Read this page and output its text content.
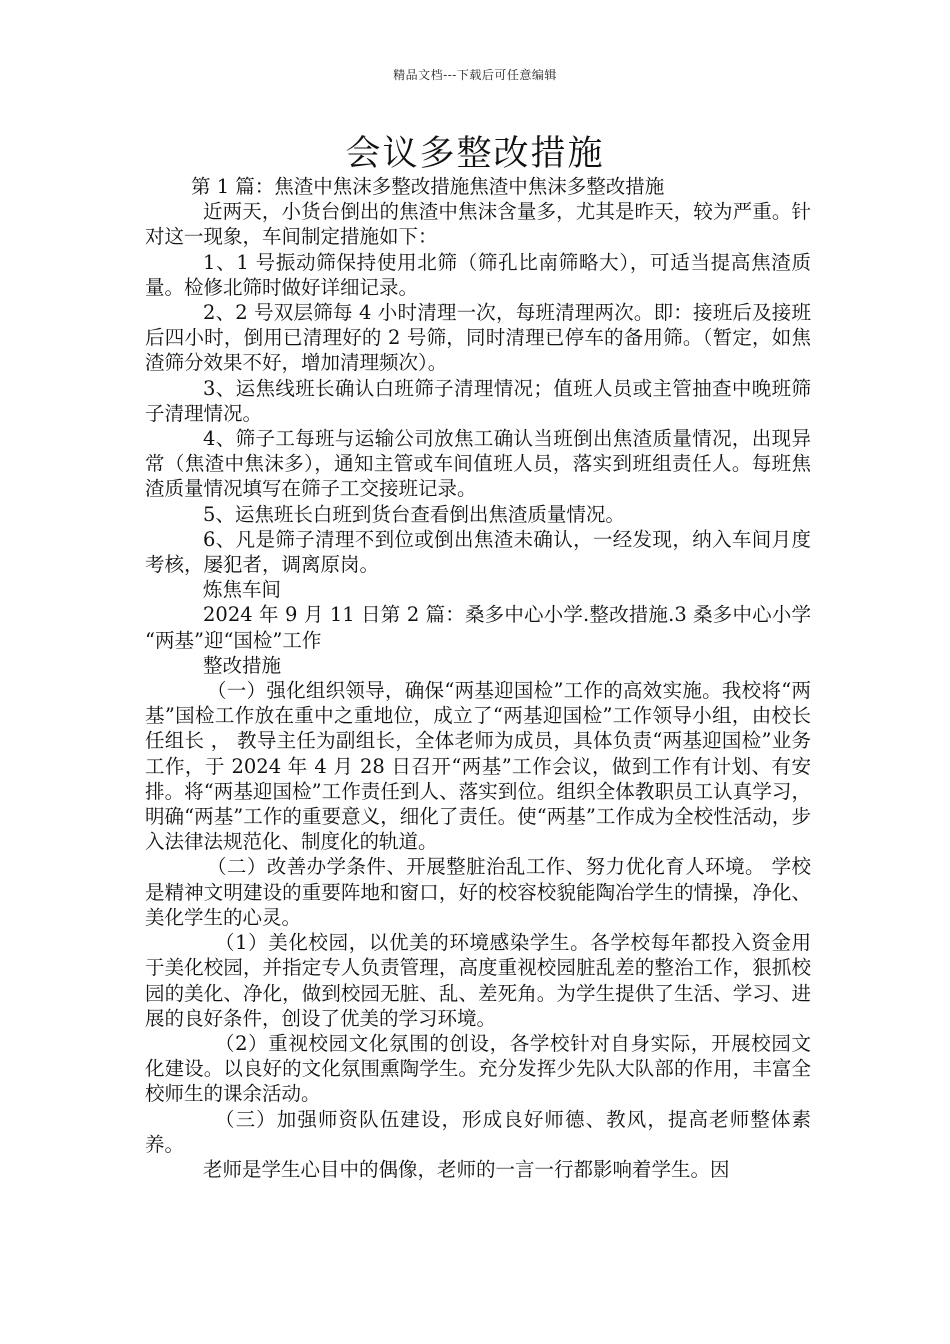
精品文档---下载后可任意编辑
会议多整改措施

第 1 篇：焦渣中焦沫多整改措施焦渣中焦沫多整改措施

近两天，小货台倒出的焦渣中焦沫含量多，尤其是昨天，较为严重。针对这一现象，车间制定措施如下：

1、1 号振动筛保持使用北筛（筛孔比南筛略大），可适当提高焦渣质量。检修北筛时做好详细记录。

2、2 号双层筛每 4 小时清理一次，每班清理两次。即：接班后及接班后四小时，倒用已清理好的 2 号筛，同时清理已停车的备用筛。（暂定，如焦渣筛分效果不好，增加清理频次）。

3、运焦线班长确认白班筛子清理情况；值班人员或主管抽查中晚班筛子清理情况。

4、筛子工每班与运输公司放焦工确认当班倒出焦渣质量情况，出现异常（焦渣中焦沫多），通知主管或车间值班人员，落实到班组责任人。每班焦渣质量情况填写在筛子工交接班记录。

5、运焦班长白班到货台查看倒出焦渣质量情况。

6、凡是筛子清理不到位或倒出焦渣未确认，一经发现，纳入车间月度考核，屡犯者，调离原岗。

炼焦车间

2024 年 9 月 11 日第 2 篇：桑多中心小学.整改措施.3 桑多中心小学 “两基”迎“国检”工作

整改措施

（一）强化组织领导，确保“两基迎国检”工作的高效实施。我校将“两基”国检工作放在重中之重地位，成立了“两基迎国检”工作领导小组，由校长任组长 ， 教导主任为副组长，全体老师为成员，具体负责“两基迎国检”业务工作，于 2024 年 4 月 28 日召开“两基”工作会议，做到工作有计划、有安排。将“两基迎国检”工作责任到人、落实到位。组织全体教职员工认真学习，明确“两基”工作的重要意义，细化了责任。使“两基”工作成为全校性活动，步入法律法规范化、制度化的轨道。

（二）改善办学条件、开展整脏治乱工作、努力优化育人环境。 学校是精神文明建设的重要阵地和窗口，好的校容校貌能陶冶学生的情操，净化、美化学生的心灵。

（1）美化校园，以优美的环境感染学生。各学校每年都投入资金用于美化校园，并指定专人负责管理，高度重视校园脏乱差的整治工作，狠抓校园的美化、净化，做到校园无脏、乱、差死角。为学生提供了生活、学习、进展的良好条件，创设了优美的学习环境。

（2）重视校园文化氛围的创设，各学校针对自身实际，开展校园文化建设。以良好的文化氛围熏陶学生。充分发挥少先队大队部的作用，丰富全校师生的课余活动。

（三）加强师资队伍建设，形成良好师德、教风，提高老师整体素养。

老师是学生心目中的偶像，老师的一言一行都影响着学生。因
